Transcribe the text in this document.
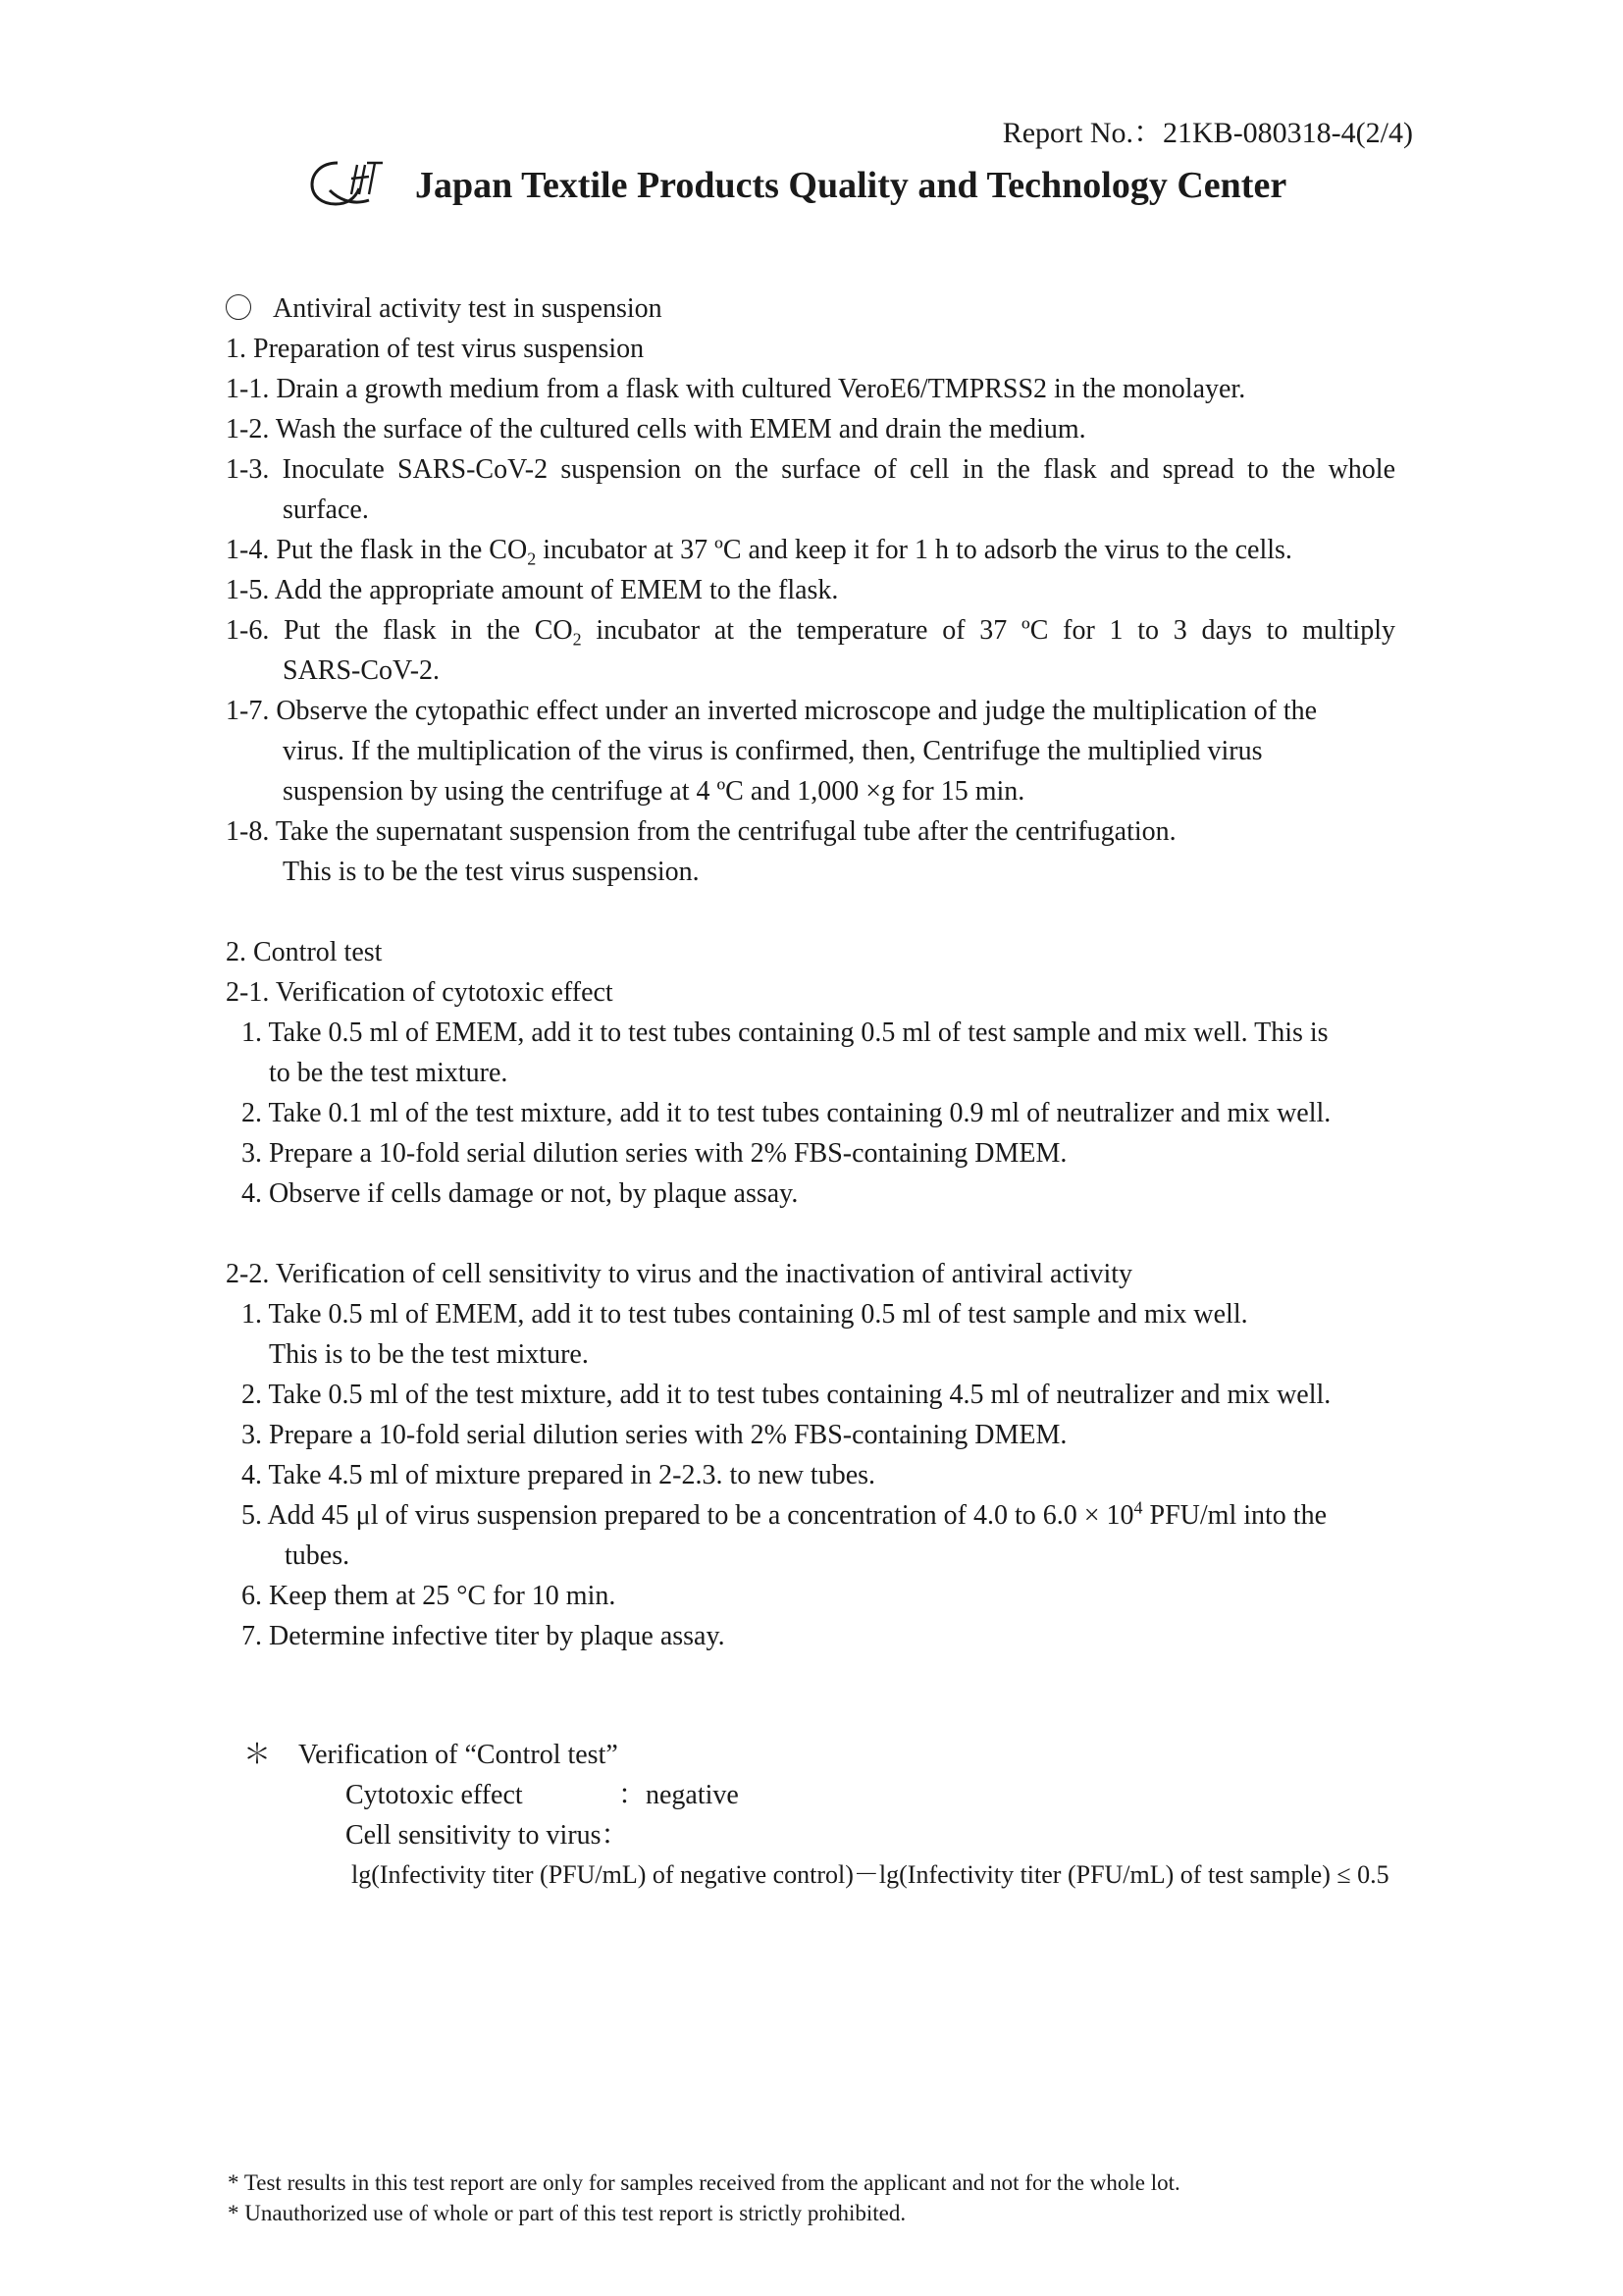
Report No.：21KB-080318-4(2/4)
Japan Textile Products Quality and Technology Center
Antiviral activity test in suspension
1. Preparation of test virus suspension
1-1. Drain a growth medium from a flask with cultured VeroE6/TMPRSS2 in the monolayer.
1-2. Wash the surface of the cultured cells with EMEM and drain the medium.
1-3. Inoculate SARS-CoV-2 suspension on the surface of cell in the flask and spread to the whole
surface.
1-4. Put the flask in the $CO_2$ incubator at 37 ºC and keep it for 1 h to adsorb the virus to the cells.
1-5. Add the appropriate amount of EMEM to the flask.
1-6. Put the flask in the $CO_2$ incubator at the temperature of 37 ºC for 1 to 3 days to multiply
SARS-CoV-2.
1-7. Observe the cytopathic effect under an inverted microscope and judge the multiplication of the
virus. If the multiplication of the virus is confirmed, then, Centrifuge the multiplied virus
suspension by using the centrifuge at 4 ºC and 1,000 ×g for 15 min.
1-8. Take the supernatant suspension from the centrifugal tube after the centrifugation.
This is to be the test virus suspension.
2. Control test
2-1. Verification of cytotoxic effect
1. Take 0.5 ml of EMEM, add it to test tubes containing 0.5 ml of test sample and mix well. This is
to be the test mixture.
2. Take 0.1 ml of the test mixture, add it to test tubes containing 0.9 ml of neutralizer and mix well.
3. Prepare a 10-fold serial dilution series with 2% FBS-containing DMEM.
4. Observe if cells damage or not, by plaque assay.
2-2. Verification of cell sensitivity to virus and the inactivation of antiviral activity
1. Take 0.5 ml of EMEM, add it to test tubes containing 0.5 ml of test sample and mix well.
This is to be the test mixture.
2. Take 0.5 ml of the test mixture, add it to test tubes containing 4.5 ml of neutralizer and mix well.
3. Prepare a 10-fold serial dilution series with 2% FBS-containing DMEM.
4. Take 4.5 ml of mixture prepared in 2-2.3. to new tubes.
5. Add 45 μl of virus suspension prepared to be a concentration of 4.0 to $6.0 \times 10^4$ PFU/ml into the
tubes.
6. Keep them at 25 °C for 10 min.
7. Determine infective titer by plaque assay.
＊ Verification of “Control test”
Cytotoxic effect	：negative
Cell sensitivity to virus：
lg(Infectivity titer (PFU/mL) of negative control)－lg(Infectivity titer (PFU/mL) of test sample) ≤ 0.5
* Test results in this test report are only for samples received from the applicant and not for the whole lot.
* Unauthorized use of whole or part of this test report is strictly prohibited.
